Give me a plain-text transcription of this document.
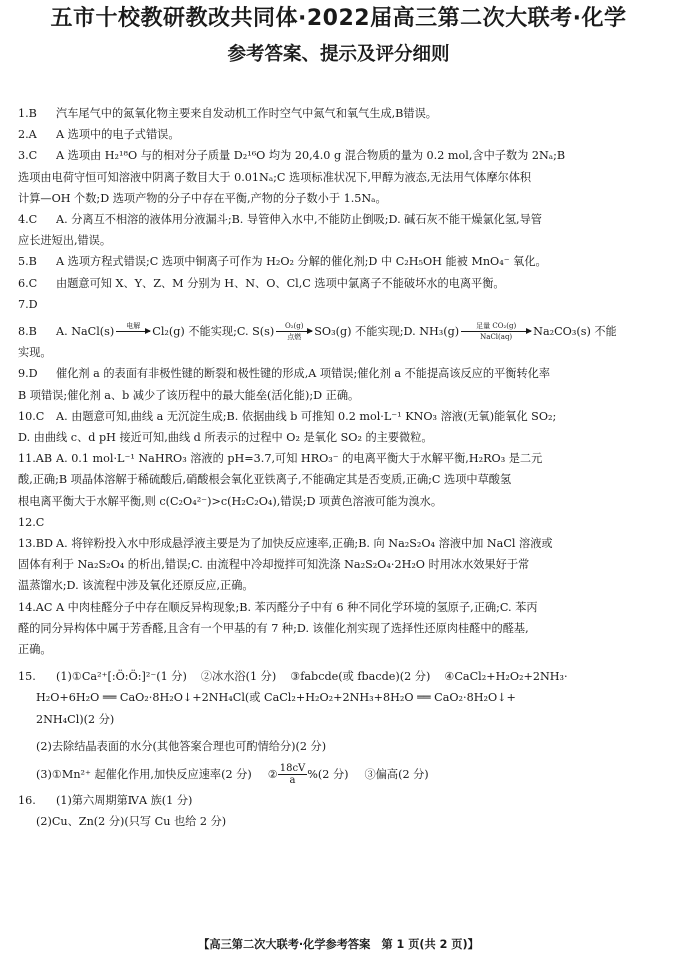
五市十校教研教改共同体·2022届高三第二次大联考·化学
参考答案、提示及评分细则
1.B	汽车尾气中的氮氧化物主要来自发动机工作时空气中氮气和氧气生成,B错误。
2.A	A 选项中的电子式错误。
3.C	A 选项由 H₂¹⁸O 与的相对分子质量 D₂¹⁶O 均为 20,4.0 g 混合物质的量为 0.2 mol,含中子数为 2Nₐ;B
选项由电荷守恒可知溶液中阴离子数目大于 0.01Nₐ;C 选项标准状况下,甲醇为液态,无法用气体摩尔体积
计算—OH 个数;D 选项产物的分子中存在平衡,产物的分子数小于 1.5Nₐ。
4.C	A. 分离互不相溶的液体用分液漏斗;B. 导管伸入水中,不能防止倒吸;D. 碱石灰不能干燥氯化氢,导管
应长进短出,错误。
5.B	A 选项方程式错误;C 选项中铜离子可作为 H₂O₂ 分解的催化剂;D 中 C₂H₅OH 能被 MnO₄⁻ 氧化。
6.C	由题意可知 X、Y、Z、M 分别为 H、N、O、Cl,C 选项中氯离子不能破坏水的电离平衡。
7.D
8.B	A. NaCl(s)	电解
	Cl₂(g) 不能实现;C. S(s)	O₂(g)
点燃	SO₃(g) 不能实现;D. NH₃(g)	足量 CO₂(g)
NaCl(aq)	Na₂CO₃(s) 不能
实现。
9.D	催化剂 a 的表面有非极性键的断裂和极性键的形成,A 项错误;催化剂 a 不能提高该反应的平衡转化率
B 项错误;催化剂 a、b 减少了该历程中的最大能垒(活化能);D 正确。
10.C	A. 由题意可知,曲线 a 无沉淀生成;B. 依据曲线 b 可推知 0.2 mol·L⁻¹ KNO₃ 溶液(无氧)能氧化 SO₂;
D. 由曲线 c、d pH 接近可知,曲线 d 所表示的过程中 O₂ 是氧化 SO₂ 的主要微粒。
11.AB A. 0.1 mol·L⁻¹ NaHRO₃ 溶液的 pH=3.7,可知 HRO₃⁻ 的电离平衡大于水解平衡,H₂RO₃ 是二元
酸,正确;B 项晶体溶解于稀硫酸后,硝酸根会氧化亚铁离子,不能确定其是否变质,正确;C 选项中草酸氢
根电离平衡大于水解平衡,则 c(C₂O₄²⁻)>c(H₂C₂O₄),错误;D 项黄色溶液可能为溴水。
12.C
13.BD A. 将锌粉投入水中形成悬浮液主要是为了加快反应速率,正确;B. 向 Na₂S₂O₄ 溶液中加 NaCl 溶液或
固体有利于 Na₂S₂O₄ 的析出,错误;C. 由流程中冷却搅拌可知洗涤 Na₂S₂O₄·2H₂O 时用冰水效果好于常
温蒸馏水;D. 该流程中涉及氧化还原反应,正确。
14.AC A 中肉桂醛分子中存在顺反异构现象;B. 苯丙醛分子中有 6 种不同化学环境的氢原子,正确;C. 苯丙
醛的同分异构体中属于芳香醛,且含有一个甲基的有 7 种;D. 该催化剂实现了选择性还原肉桂醛中的醛基,
正确。
15.	(1)①Ca²⁺[:Ö:Ö:]²⁻(1 分) ②冰水浴(1 分) ③fabcde(或 fbacde)(2 分) ④CaCl₂+H₂O₂+2NH₃·
H₂O+6H₂O ══ CaO₂·8H₂O↓+2NH₄Cl(或 CaCl₂+H₂O₂+2NH₃+8H₂O ══ CaO₂·8H₂O↓+
2NH₄Cl)(2 分)
(2)去除结晶表面的水分(其他答案合理也可酌情给分)(2 分)
(3)①Mn²⁺ 起催化作用,加快反应速率(2 分) ② $\frac{18cV}{a} \%(2$ 分) ③偏高(2 分)
16.	(1)第六周期第ⅣA 族(1 分)
(2)Cu、Zn(2 分)(只写 Cu 也给 2 分)
【高三第二次大联考·化学参考答案　第 1 页(共 2 页)】
